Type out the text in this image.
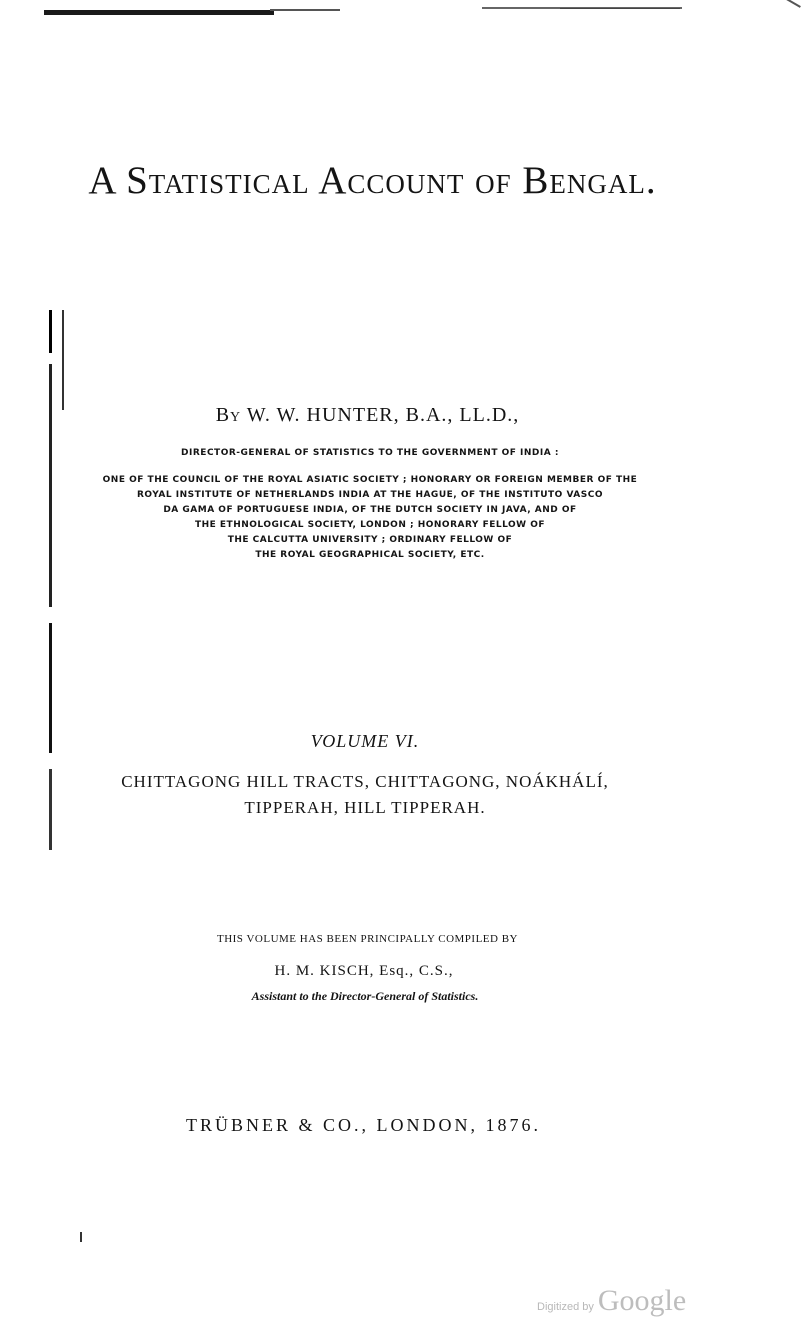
A Statistical Account of Bengal.
By W. W. HUNTER, B.A., LL.D.,
DIRECTOR-GENERAL OF STATISTICS TO THE GOVERNMENT OF INDIA :
ONE OF THE COUNCIL OF THE ROYAL ASIATIC SOCIETY ; HONORARY OR FOREIGN MEMBER OF THE
ROYAL INSTITUTE OF NETHERLANDS INDIA AT THE HAGUE, OF THE INSTITUTO VASCO
DA GAMA OF PORTUGUESE INDIA, OF THE DUTCH SOCIETY IN JAVA, AND OF
THE ETHNOLOGICAL SOCIETY, LONDON ; HONORARY FELLOW OF
THE CALCUTTA UNIVERSITY ; ORDINARY FELLOW OF
THE ROYAL GEOGRAPHICAL SOCIETY, ETC.
VOLUME VI.
CHITTAGONG HILL TRACTS, CHITTAGONG, NOÁKHÁLÍ,
TIPPERAH, HILL TIPPERAH.
THIS VOLUME HAS BEEN PRINCIPALLY COMPILED BY
H. M. KISCH, Esq., C.S.,
Assistant to the Director-General of Statistics.
TRÜBNER & CO., LONDON, 1876.
Digitized by Google
